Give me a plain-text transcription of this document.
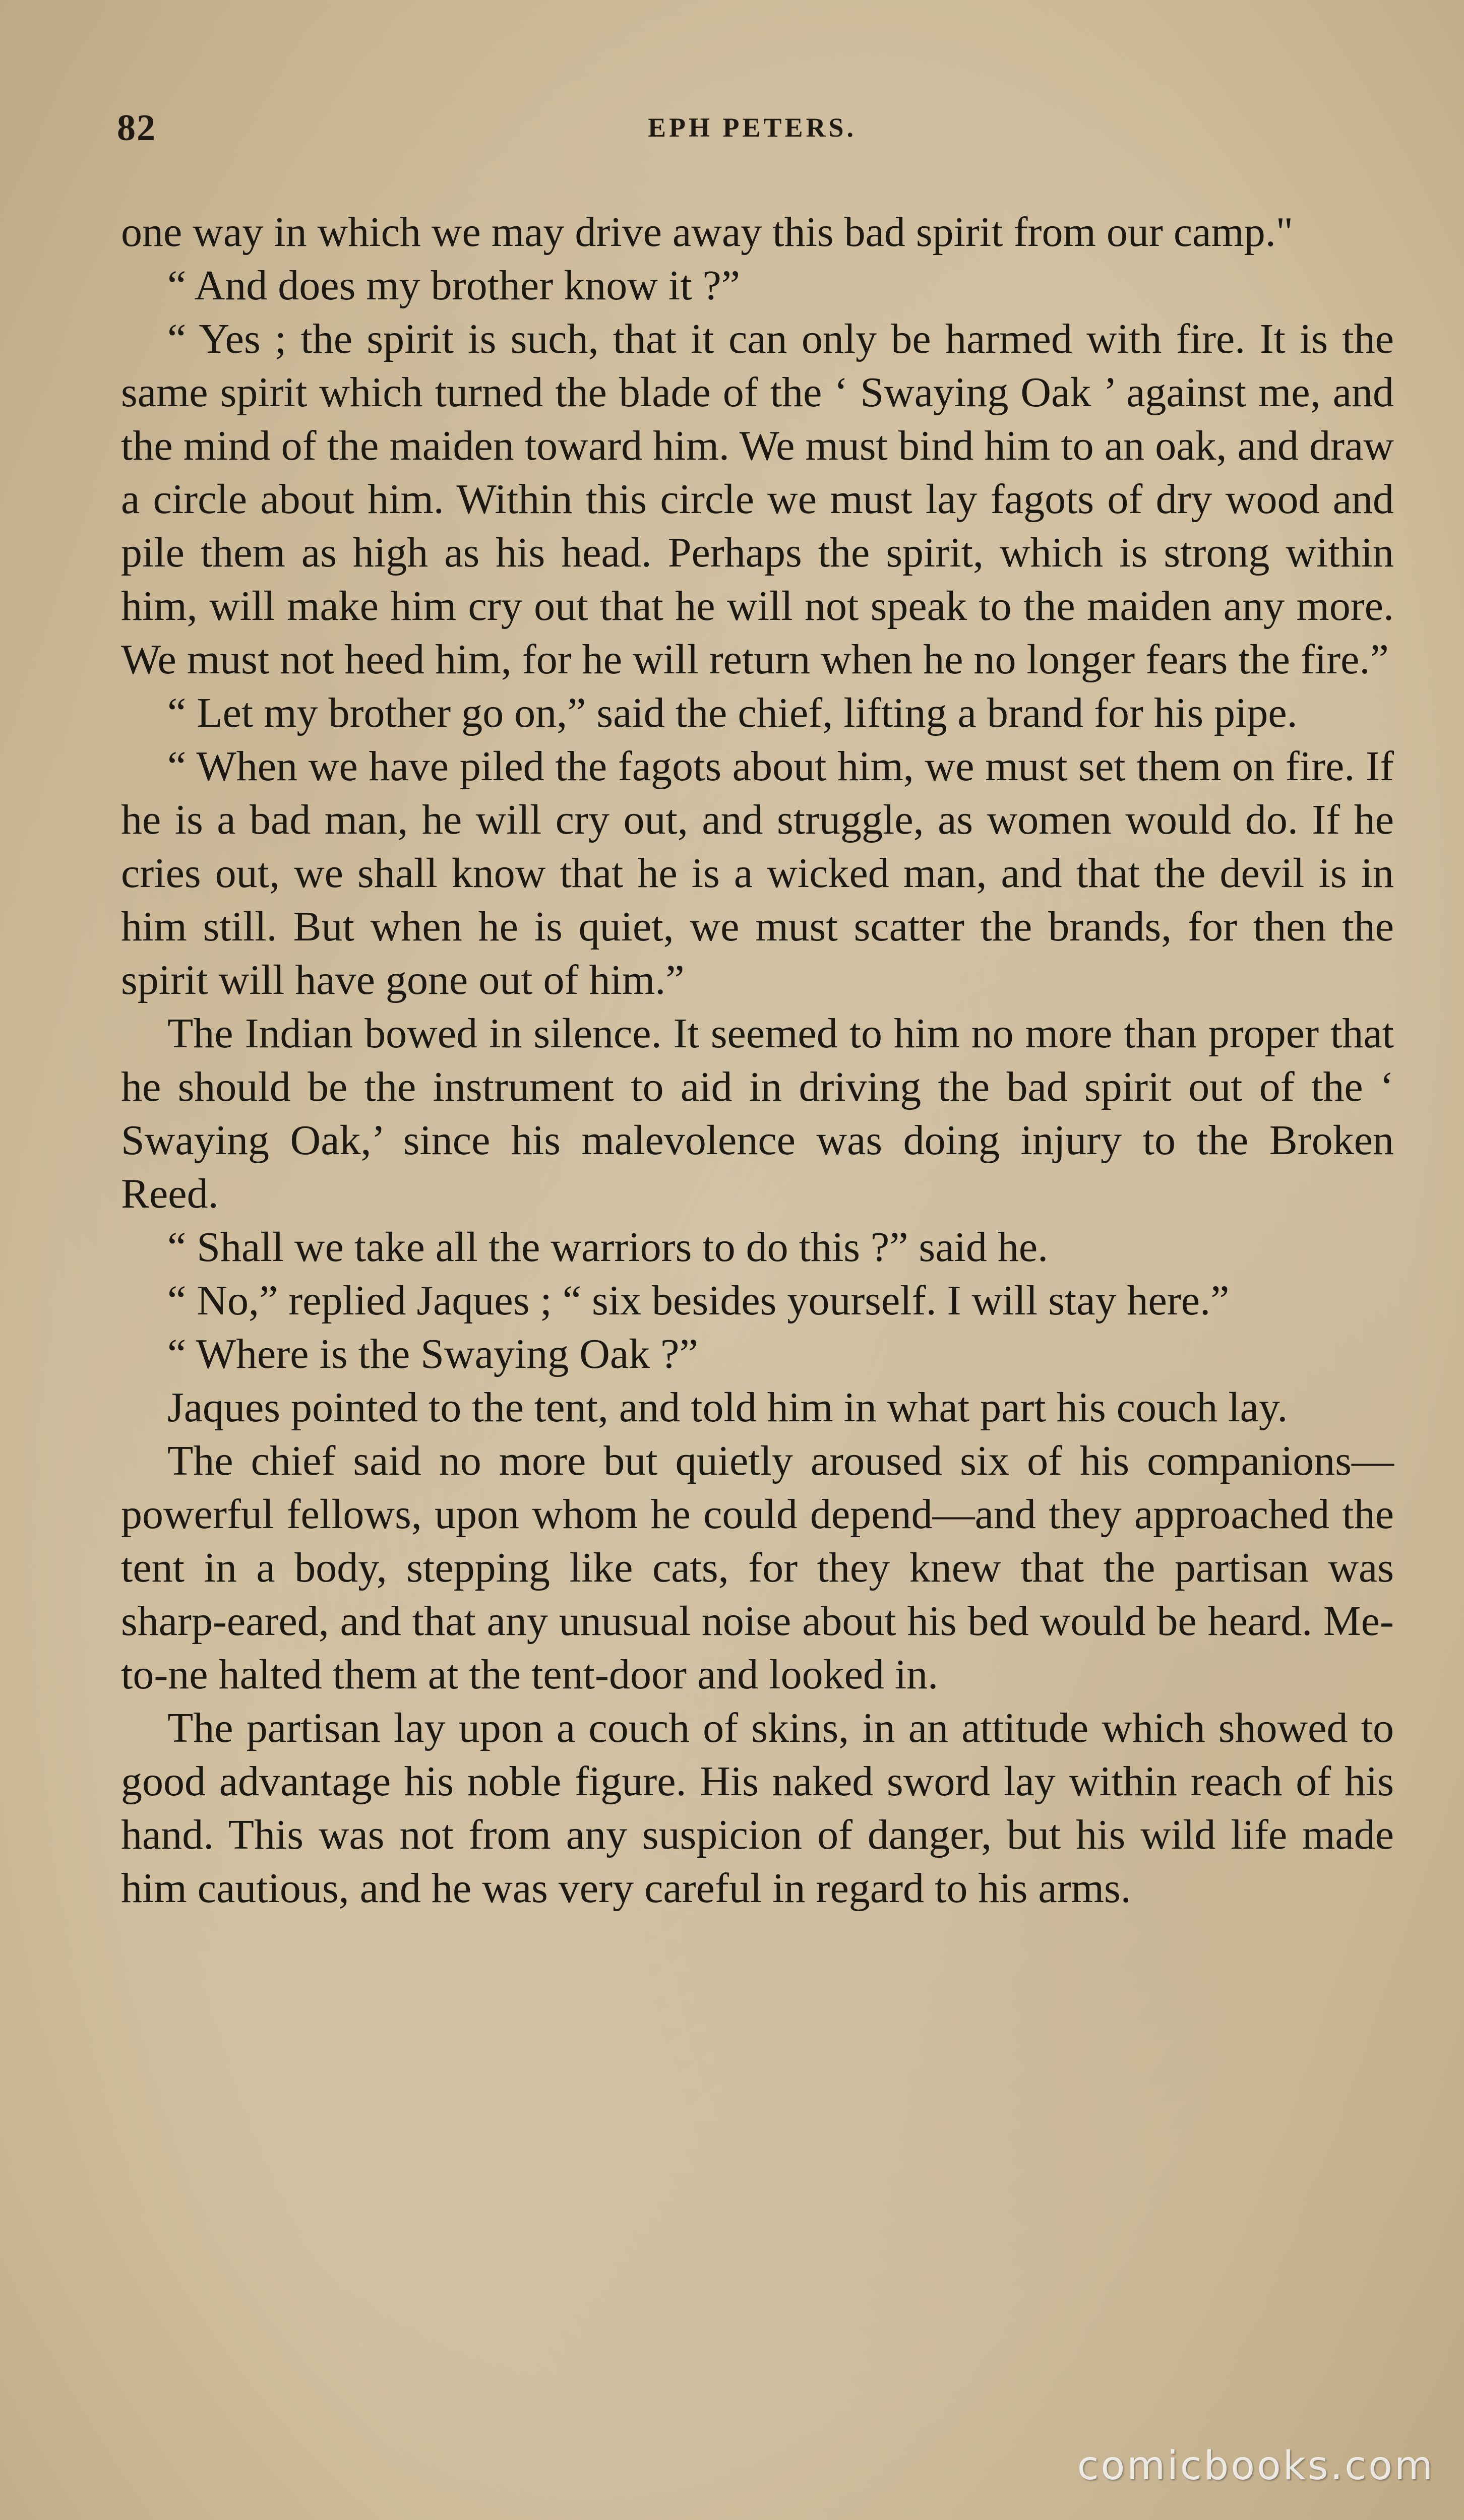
82	EPH PETERS.

one way in which we may drive away this bad spirit from our camp."

“ And does my brother know it ?”

“ Yes ; the spirit is such, that it can only be harmed with fire. It is the same spirit which turned the blade of the ‘ Swaying Oak ’ against me, and the mind of the maiden toward him. We must bind him to an oak, and draw a circle about him. Within this circle we must lay fagots of dry wood and pile them as high as his head. Perhaps the spirit, which is strong within him, will make him cry out that he will not speak to the maiden any more. We must not heed him, for he will return when he no longer fears the fire.”

“ Let my brother go on,” said the chief, lifting a brand for his pipe.

“ When we have piled the fagots about him, we must set them on fire. If he is a bad man, he will cry out, and struggle, as women would do. If he cries out, we shall know that he is a wicked man, and that the devil is in him still. But when he is quiet, we must scatter the brands, for then the spirit will have gone out of him.”

The Indian bowed in silence. It seemed to him no more than proper that he should be the instrument to aid in driving the bad spirit out of the ‘ Swaying Oak,’ since his malevolence was doing injury to the Broken Reed.

“ Shall we take all the warriors to do this ?” said he.

“ No,” replied Jaques ; “ six besides yourself. I will stay here.”

“ Where is the Swaying Oak ?”

Jaques pointed to the tent, and told him in what part his couch lay.

The chief said no more but quietly aroused six of his companions—powerful fellows, upon whom he could depend—and they approached the tent in a body, stepping like cats, for they knew that the partisan was sharp-eared, and that any unusual noise about his bed would be heard. Me-to-ne halted them at the tent-door and looked in.

The partisan lay upon a couch of skins, in an attitude which showed to good advantage his noble figure. His naked sword lay within reach of his hand. This was not from any suspicion of danger, but his wild life made him cautious, and he was very careful in regard to his arms.

comicbooks.com
